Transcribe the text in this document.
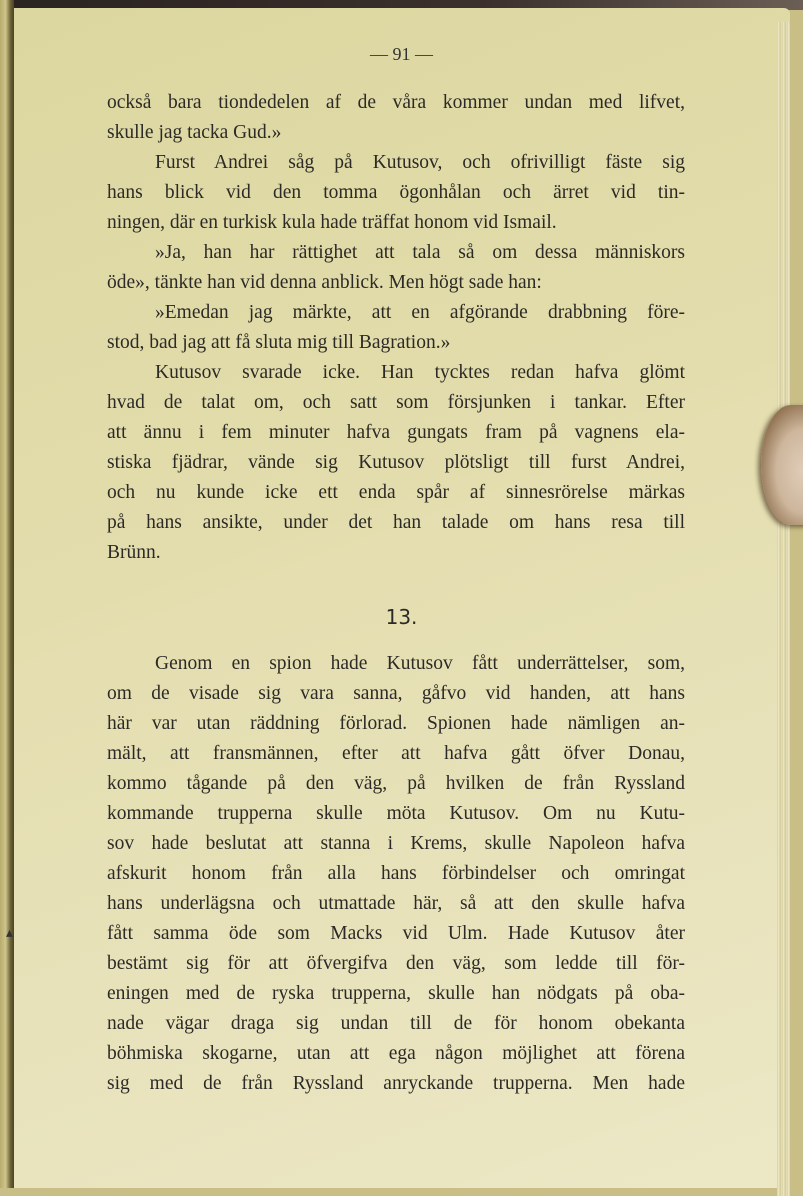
— 91 —
också bara tiondedelen af de våra kommer undan med lifvet,
skulle jag tacka Gud.»
Furst Andrei såg på Kutusov, och ofrivilligt fäste sig
hans blick vid den tomma ögonhålan och ärret vid tin-
ningen, där en turkisk kula hade träffat honom vid Ismail.
»Ja, han har rättighet att tala så om dessa människors
öde», tänkte han vid denna anblick. Men högt sade han:
»Emedan jag märkte, att en afgörande drabbning före-
stod, bad jag att få sluta mig till Bagration.»
Kutusov svarade icke. Han tycktes redan hafva glömt
hvad de talat om, och satt som försjunken i tankar. Efter
att ännu i fem minuter hafva gungats fram på vagnens ela-
stiska fjädrar, vände sig Kutusov plötsligt till furst Andrei,
och nu kunde icke ett enda spår af sinnesrörelse märkas
på hans ansikte, under det han talade om hans resa till
Brünn.
13.
Genom en spion hade Kutusov fått underrättelser, som,
om de visade sig vara sanna, gåfvo vid handen, att hans
här var utan räddning förlorad. Spionen hade nämligen an-
mält, att fransmännen, efter att hafva gått öfver Donau,
kommo tågande på den väg, på hvilken de från Ryssland
kommande trupperna skulle möta Kutusov. Om nu Kutu-
sov hade beslutat att stanna i Krems, skulle Napoleon hafva
afskurit honom från alla hans förbindelser och omringat
hans underlägsna och utmattade här, så att den skulle hafva
fått samma öde som Macks vid Ulm. Hade Kutusov åter
bestämt sig för att öfvergifva den väg, som ledde till för-
eningen med de ryska trupperna, skulle han nödgats på oba-
nade vägar draga sig undan till de för honom obekanta
böhmiska skogarne, utan att ega någon möjlighet att förena
sig med de från Ryssland anryckande trupperna. Men hade
▴
